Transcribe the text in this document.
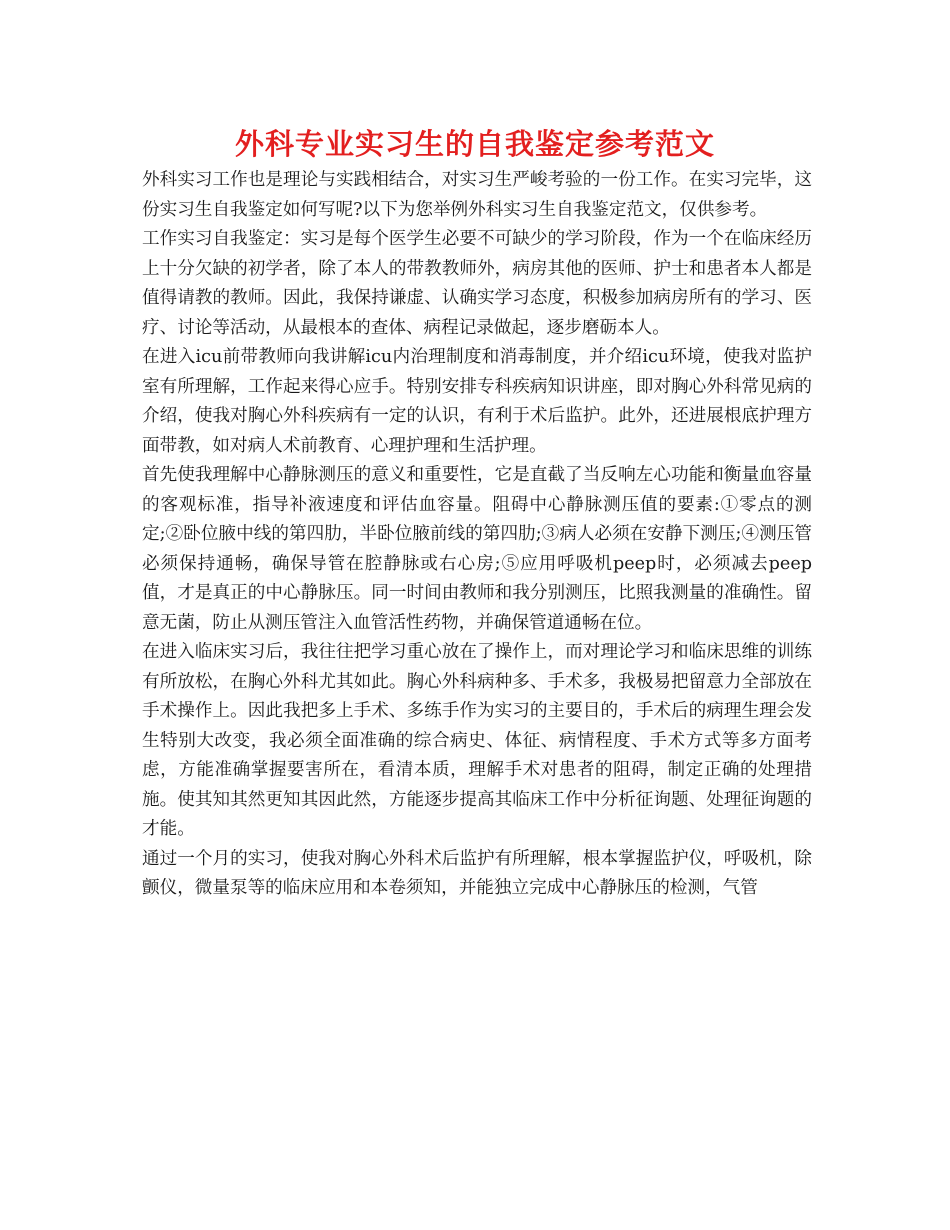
外科专业实习生的自我鉴定参考范文

外科实习工作也是理论与实践相结合，对实习生严峻考验的一份工作。在实习完毕，这份实习生自我鉴定如何写呢?以下为您举例外科实习生自我鉴定范文，仅供参考。

工作实习自我鉴定：实习是每个医学生必要不可缺少的学习阶段，作为一个在临床经历上十分欠缺的初学者，除了本人的带教教师外，病房其他的医师、护士和患者本人都是值得请教的教师。因此，我保持谦虚、认确实学习态度，积极参加病房所有的学习、医疗、讨论等活动，从最根本的查体、病程记录做起，逐步磨砺本人。

在进入icu前带教师向我讲解icu内治理制度和消毒制度，并介绍icu环境，使我对监护室有所理解，工作起来得心应手。特别安排专科疾病知识讲座，即对胸心外科常见病的介绍，使我对胸心外科疾病有一定的认识，有利于术后监护。此外，还进展根底护理方面带教，如对病人术前教育、心理护理和生活护理。

首先使我理解中心静脉测压的意义和重要性，它是直截了当反响左心功能和衡量血容量的客观标准，指导补液速度和评估血容量。阻碍中心静脉测压值的要素:①零点的测定;②卧位腋中线的第四肋，半卧位腋前线的第四肋;③病人必须在安静下测压;④测压管必须保持通畅，确保导管在腔静脉或右心房;⑤应用呼吸机peep时，必须减去peep值，才是真正的中心静脉压。同一时间由教师和我分别测压，比照我测量的准确性。留意无菌，防止从测压管注入血管活性药物，并确保管道通畅在位。

在进入临床实习后，我往往把学习重心放在了操作上，而对理论学习和临床思维的训练有所放松，在胸心外科尤其如此。胸心外科病种多、手术多，我极易把留意力全部放在手术操作上。因此我把多上手术、多练手作为实习的主要目的，手术后的病理生理会发生特别大改变，我必须全面准确的综合病史、体征、病情程度、手术方式等多方面考虑，方能准确掌握要害所在，看清本质，理解手术对患者的阻碍，制定正确的处理措施。使其知其然更知其因此然，方能逐步提高其临床工作中分析征询题、处理征询题的才能。

通过一个月的实习，使我对胸心外科术后监护有所理解，根本掌握监护仪，呼吸机，除颤仪，微量泵等的临床应用和本卷须知，并能独立完成中心静脉压的检测，气管
